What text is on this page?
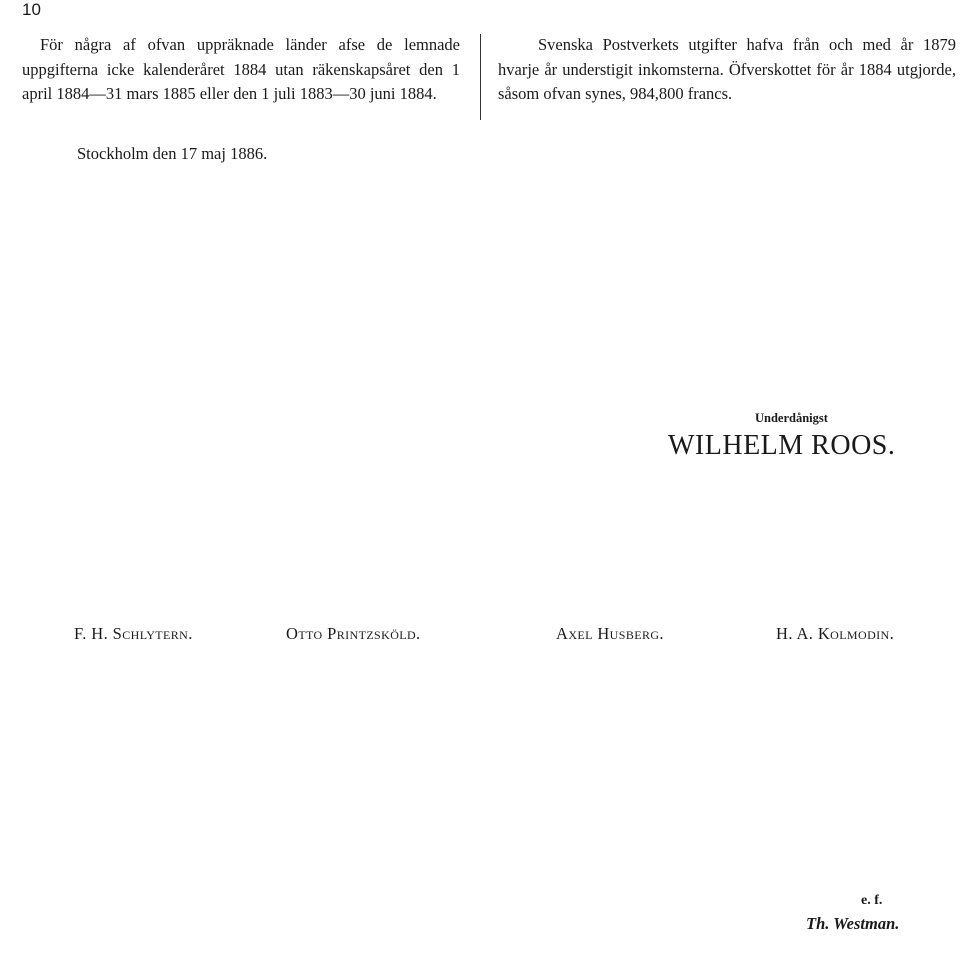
10

För några af ofvan uppräknade länder afse de lemnade uppgifterna icke kalenderåret 1884 utan räkenskapsåret den 1 april 1884—31 mars 1885 eller den 1 juli 1883—30 juni 1884.

Svenska Postverkets utgifter hafva från och med år 1879 hvarje år understigit inkomsterna. Öfverskottet för år 1884 utgjorde, såsom ofvan synes, 984,800 francs.

Stockholm den 17 maj 1886.
Underdånigst
WILHELM ROOS.
F. H. Schlytern.	Otto Printzsköld.	Axel Husberg.	H. A. Kolmodin.
e. f.
Th. Westman.
